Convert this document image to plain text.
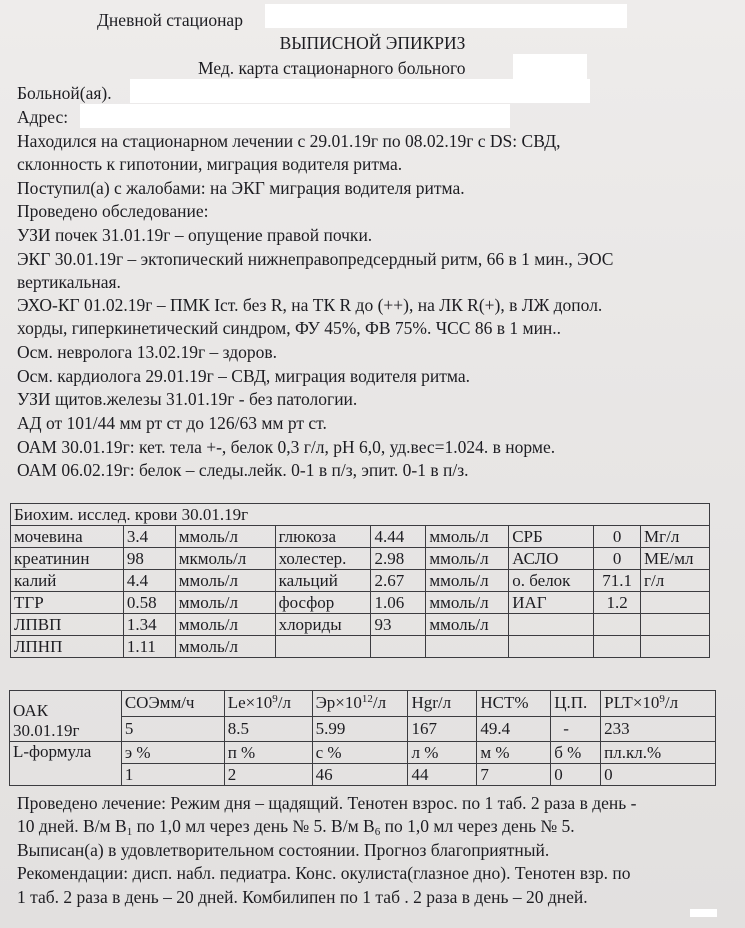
Дневной стационар
ВЫПИСНОЙ ЭПИКРИЗ
Мед. карта стационарного больного
Больной(ая).
Адрес:
Находился на стационарном лечении с 29.01.19г по 08.02.19г с DS: СВД,
склонность к гипотонии, миграция водителя ритма.
Поступил(а) с жалобами: на ЭКГ миграция водителя ритма.
Проведено обследование:
УЗИ почек 31.01.19г – опущение правой почки.
ЭКГ 30.01.19г – эктопический нижнеправопредсердный ритм, 66 в 1 мин., ЭОС
вертикальная.
ЭХО-КГ 01.02.19г – ПМК Iст. без R, на ТК R до (++), на ЛК R(+), в ЛЖ допол.
хорды, гиперкинетический синдром, ФУ 45%, ФВ 75%. ЧСС 86 в 1 мин..
Осм. невролога 13.02.19г – здоров.
Осм. кардиолога 29.01.19г – СВД, миграция водителя ритма.
УЗИ щитов.железы 31.01.19г - без патологии.
АД от 101/44 мм рт ст до 126/63 мм рт ст.
ОАМ 30.01.19г: кет. тела +-, белок 0,3 г/л, pH 6,0, уд.вес=1.024. в норме.
ОАМ 06.02.19г: белок – следы.лейк. 0-1 в п/з, эпит. 0-1 в п/з.
Биохим. исслед. крови 30.01.19г								
мочевина	3.4	ммоль/л	глюкоза	4.44	ммоль/л	СРБ	0	Мг/л
креатинин	98	мкмоль/л	холестер.	2.98	ммоль/л	АСЛО	0	МЕ/мл
калий	4.4	ммоль/л	кальций	2.67	ммоль/л	о. белок	71.1	г/л
ТГР	0.58	ммоль/л	фосфор	1.06	ммоль/л	ИАГ	1.2	
ЛПВП	1.34	ммоль/л	хлориды	93	ммоль/л			
ЛПНП	1.11	ммоль/л						
ОАК
30.01.19г	СОЭмм/ч	$Le\times 10^9/л$	$Эр\times 10^{12}/л$	Hgr/л	НСТ%	Ц.П.	$PLT\times 10^9/л$
	5	8.5	5.99	167	49.4	-	233
L-формула	э %	п %	с %	л %	м %	б %	пл.кл.%
	1	2	46	44	7	0	0
Проведено лечение: Режим дня – щадящий. Тенотен взрос. по 1 таб. 2 раза в день -
10 дней. В/м $В_1$ по 1,0 мл через день № 5. В/м $В_6$ по 1,0 мл через день № 5.
Выписан(а) в удовлетворительном состоянии. Прогноз благоприятный.
Рекомендации: дисп. набл. педиатра. Конс. окулиста(глазное дно). Тенотен взр. по
1 таб. 2 раза в день – 20 дней. Комбилипен по 1 таб . 2 раза в день – 20 дней.
